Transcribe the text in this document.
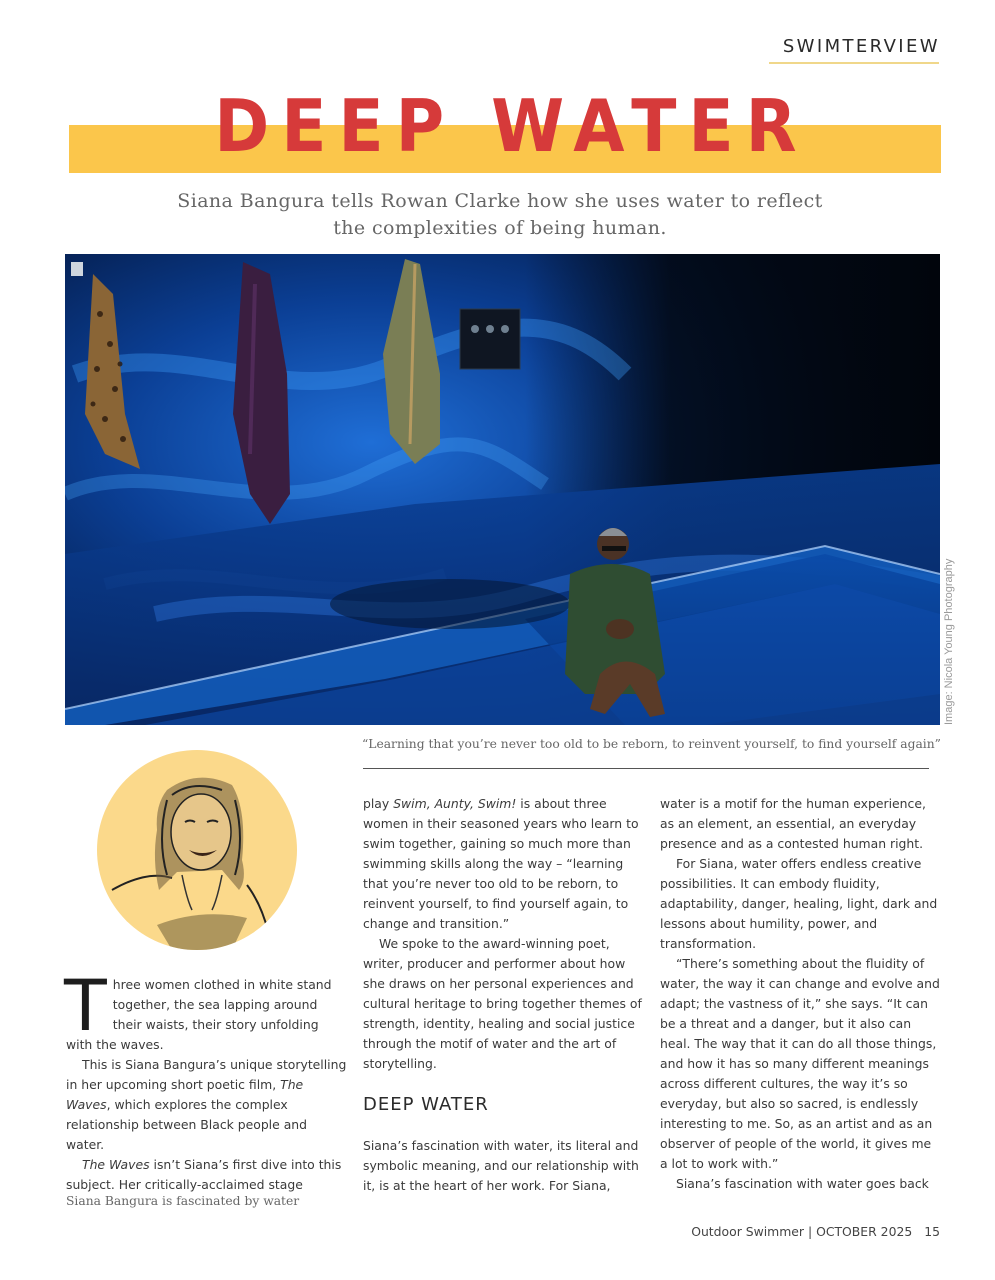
SWIMTERVIEW
DEEP WATER
Siana Bangura tells Rowan Clarke how she uses water to reflect
the complexities of being human.
Image: Nicola Young Photography
“Learning that you’re never too old to be reborn, to reinvent yourself, to find yourself again”

Three women clothed in white stand together, the sea lapping around their waists, their story unfolding with the waves.

This is Siana Bangura’s unique storytelling in her upcoming short poetic film, The Waves, which explores the complex relationship between Black people and water.

The Waves isn’t Siana’s first dive into this subject. Her critically-acclaimed stage

Siana Bangura is fascinated by water

play Swim, Aunty, Swim! is about three women in their seasoned years who learn to swim together, gaining so much more than swimming skills along the way – “learning that you’re never too old to be reborn, to reinvent yourself, to find yourself again, to change and transition.”

We spoke to the award-winning poet, writer, producer and performer about how she draws on her personal experiences and cultural heritage to bring together themes of strength, identity, healing and social justice through the motif of water and the art of storytelling.

DEEP WATER

Siana’s fascination with water, its literal and symbolic meaning, and our relationship with it, is at the heart of her work. For Siana,

water is a motif for the human experience, as an element, an essential, an everyday presence and as a contested human right.

For Siana, water offers endless creative possibilities. It can embody fluidity, adaptability, danger, healing, light, dark and lessons about humility, power, and transformation.

“There’s something about the fluidity of water, the way it can change and evolve and adapt; the vastness of it,” she says. “It can be a threat and a danger, but it also can heal. The way that it can do all those things, and how it has so many different meanings across different cultures, the way it’s so everyday, but also so sacred, is endlessly interesting to me. So, as an artist and as an observer of people of the world, it gives me a lot to work with.”

Siana’s fascination with water goes back

Outdoor Swimmer | OCTOBER 2025 15
